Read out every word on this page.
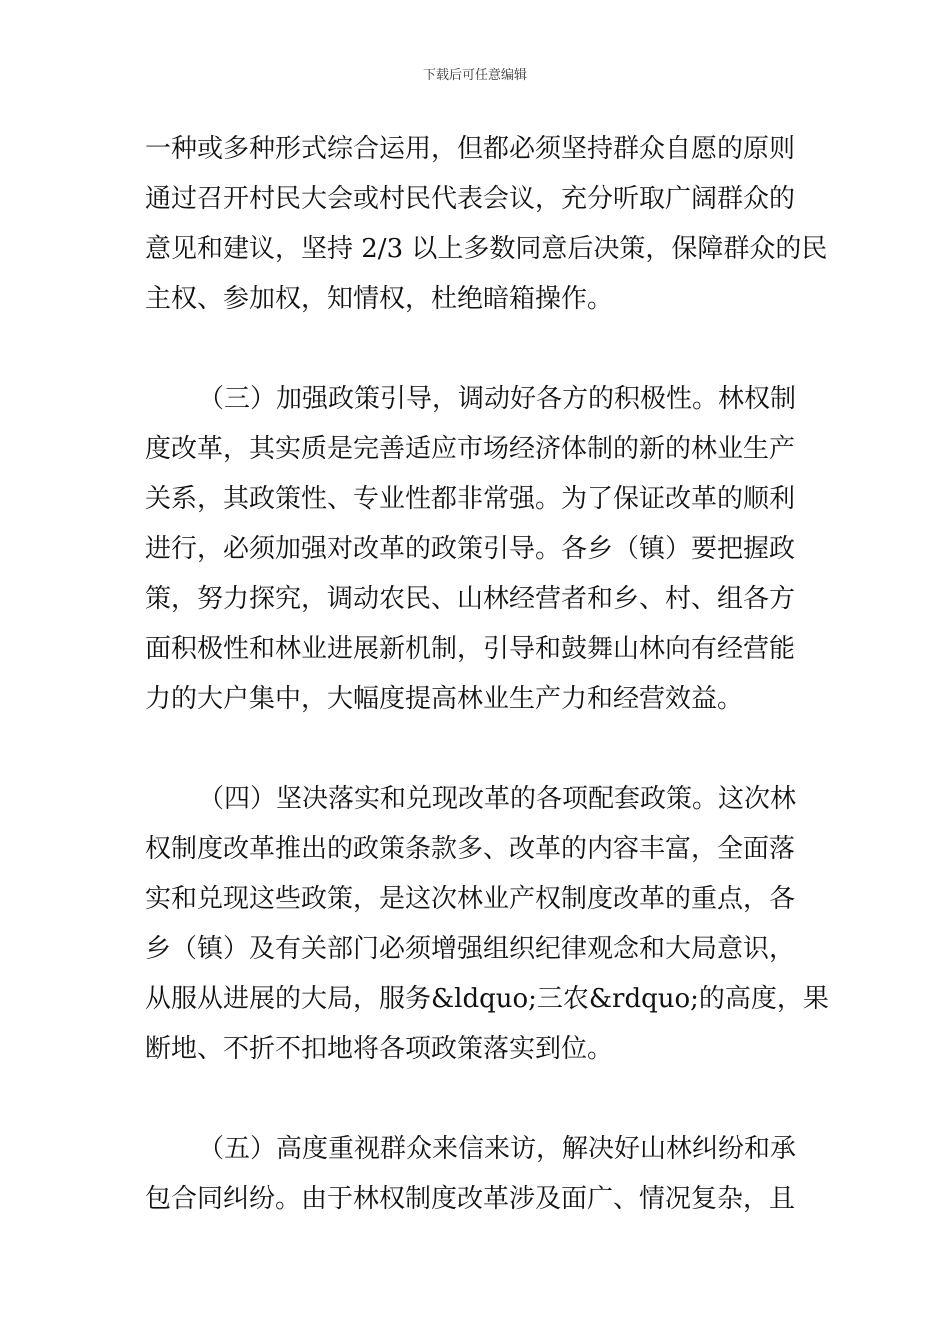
下载后可任意编辑
一种或多种形式综合运用，但都必须坚持群众自愿的原则
通过召开村民大会或村民代表会议，充分听取广阔群众的
意见和建议，坚持 2/3 以上多数同意后决策，保障群众的民
主权、参加权，知情权，杜绝暗箱操作。
（三）加强政策引导，调动好各方的积极性。林权制
度改革，其实质是完善适应市场经济体制的新的林业生产
关系，其政策性、专业性都非常强。为了保证改革的顺利
进行，必须加强对改革的政策引导。各乡（镇）要把握政
策，努力探究，调动农民、山林经营者和乡、村、组各方
面积极性和林业进展新机制，引导和鼓舞山林向有经营能
力的大户集中，大幅度提高林业生产力和经营效益。
（四）坚决落实和兑现改革的各项配套政策。这次林
权制度改革推出的政策条款多、改革的内容丰富，全面落
实和兑现这些政策，是这次林业产权制度改革的重点，各
乡（镇）及有关部门必须增强组织纪律观念和大局意识，
从服从进展的大局，服务&ldquo;三农&rdquo;的高度，果
断地、不折不扣地将各项政策落实到位。
（五）高度重视群众来信来访，解决好山林纠纷和承
包合同纠纷。由于林权制度改革涉及面广、情况复杂，且
